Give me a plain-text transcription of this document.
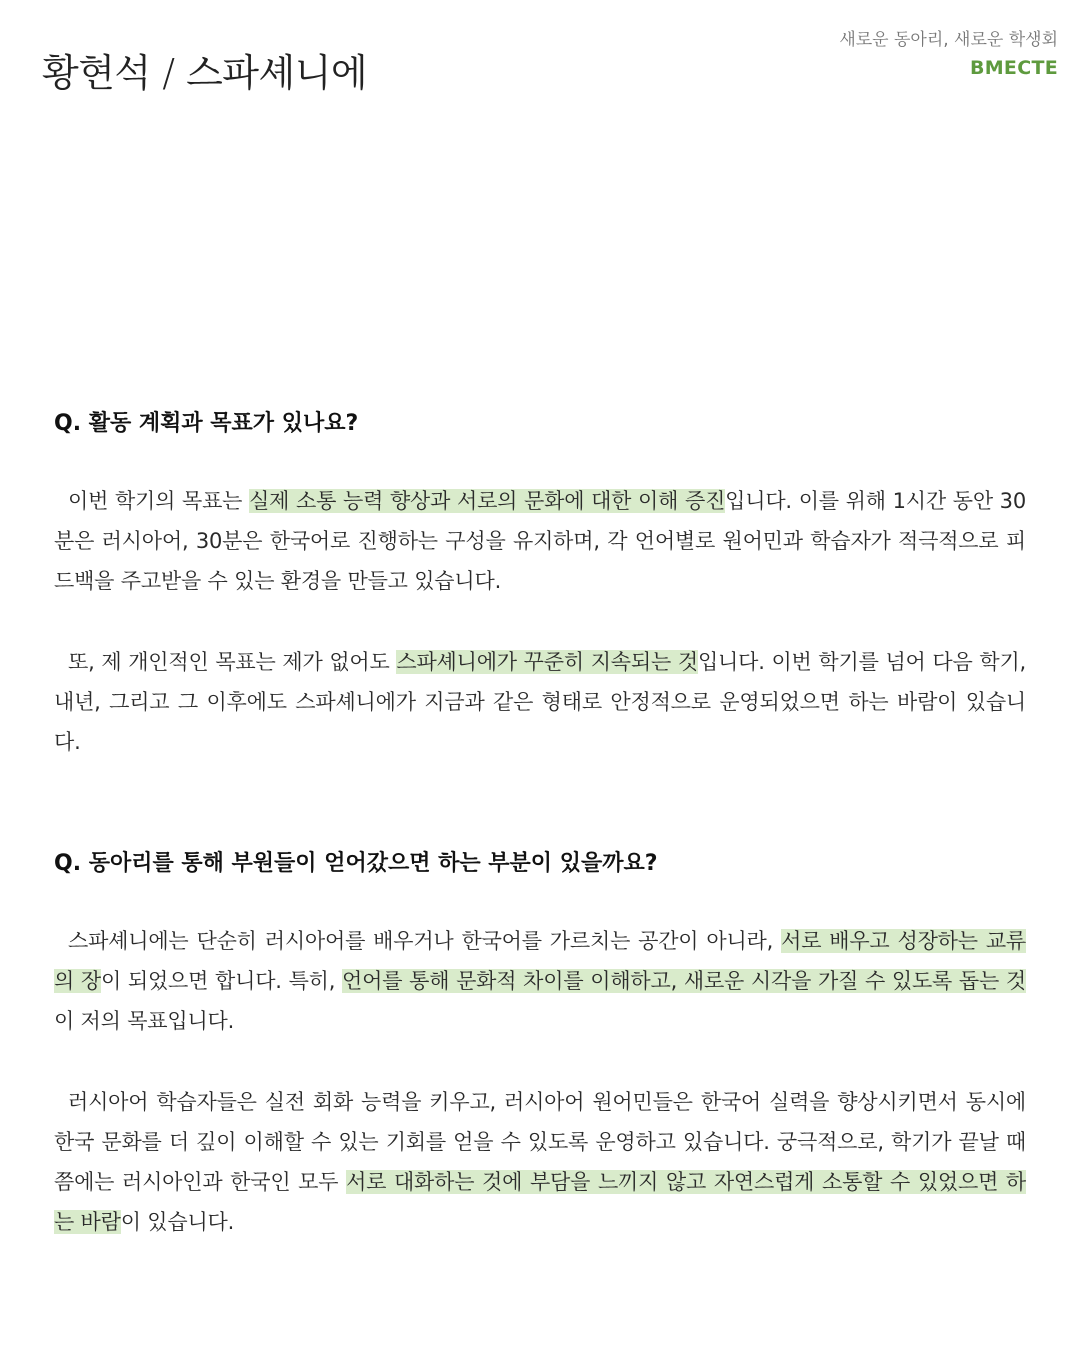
황현석 / 스파셰니에
새로운 동아리, 새로운 학생회
BMECTE
Q. 활동 계획과 목표가 있나요?

이번 학기의 목표는 실제 소통 능력 향상과 서로의 문화에 대한 이해 증진입니다. 이를 위해 1시간 동안 30분은 러시아어, 30분은 한국어로 진행하는 구성을 유지하며, 각 언어별로 원어민과 학습자가 적극적으로 피드백을 주고받을 수 있는 환경을 만들고 있습니다.

또, 제 개인적인 목표는 제가 없어도 스파셰니에가 꾸준히 지속되는 것입니다. 이번 학기를 넘어 다음 학기, 내년, 그리고 그 이후에도 스파셰니에가 지금과 같은 형태로 안정적으로 운영되었으면 하는 바람이 있습니다.

Q. 동아리를 통해 부원들이 얻어갔으면 하는 부분이 있을까요?

스파셰니에는 단순히 러시아어를 배우거나 한국어를 가르치는 공간이 아니라, 서로 배우고 성장하는 교류의 장이 되었으면 합니다. 특히, 언어를 통해 문화적 차이를 이해하고, 새로운 시각을 가질 수 있도록 돕는 것이 저의 목표입니다.

러시아어 학습자들은 실전 회화 능력을 키우고, 러시아어 원어민들은 한국어 실력을 향상시키면서 동시에 한국 문화를 더 깊이 이해할 수 있는 기회를 얻을 수 있도록 운영하고 있습니다. 궁극적으로, 학기가 끝날 때쯤에는 러시아인과 한국인 모두 서로 대화하는 것에 부담을 느끼지 않고 자연스럽게 소통할 수 있었으면 하는 바람이 있습니다.
